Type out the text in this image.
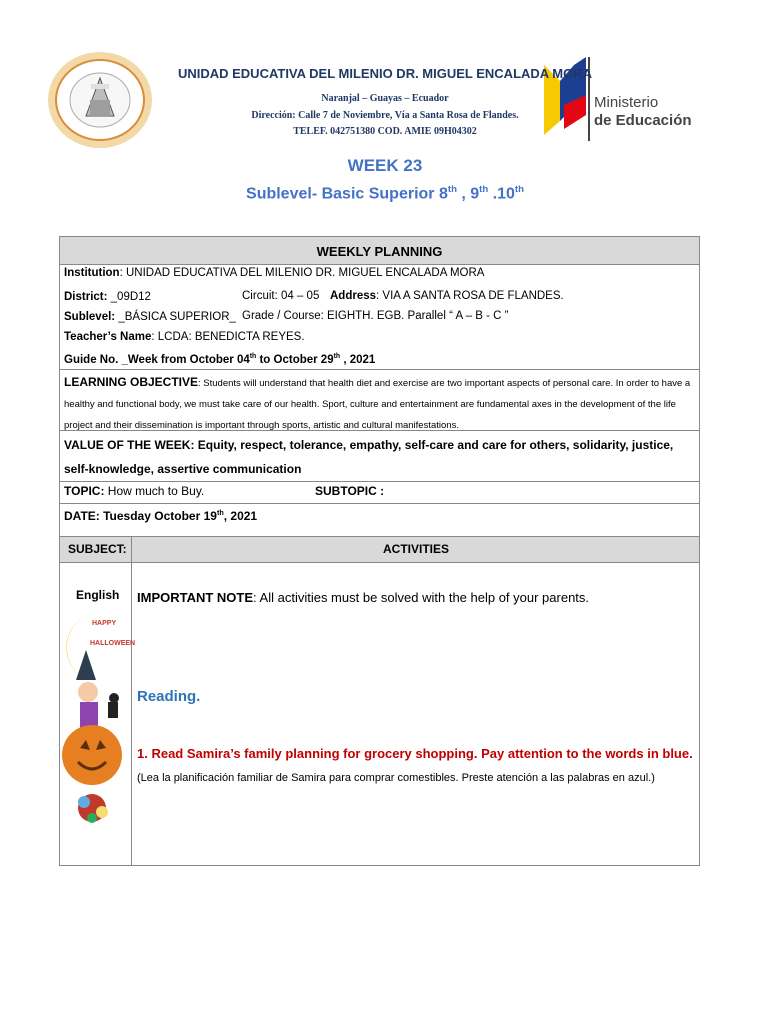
Ministerio
de Educación
UNIDAD EDUCATIVA DEL MILENIO DR. MIGUEL ENCALADA MORA
Naranjal – Guayas – Ecuador
Dirección: Calle 7 de Noviembre, Vía a Santa Rosa de Flandes.
TELEF. 042751380 COD. AMIE 09H04302
WEEK 23
Sublevel- Basic Superior 8th , 9th .10th
WEEKLY PLANNING
Institution: UNIDAD EDUCATIVA DEL MILENIO DR. MIGUEL ENCALADA MORA
District: _09D12	Circuit: 04 – 05 Address: VIA A SANTA ROSA DE FLANDES.
Sublevel: _BÁSICA SUPERIOR_ Grade / Course: EIGHTH. EGB. Parallel “ A – B - C ”
Teacher’s Name: LCDA: BENEDICTA REYES.
Guide No. _Week from October 04th to October 29th , 2021
LEARNING OBJECTIVE: Students will understand that health diet and exercise are two important aspects of personal care. In order to have a healthy and functional body, we must take care of our health. Sport, culture and entertainment are fundamental axes in the development of the life project and their dissemination is important through sports, artistic and cultural manifestations.
VALUE OF THE WEEK: Equity, respect, tolerance, empathy, self-care and care for others, solidarity, justice, self-knowledge, assertive communication
TOPIC: How much to Buy.	SUBTOPIC :
DATE: Tuesday October 19th, 2021
SUBJECT:	ACTIVITIES
English
HAPPY
HALLOWEEN
IMPORTANT NOTE: All activities must be solved with the help of your parents.
Reading.
1. Read Samira’s family planning for grocery shopping. Pay attention to the words in blue.
(Lea la planificación familiar de Samira para comprar comestibles. Preste atención a las palabras en azul.)
